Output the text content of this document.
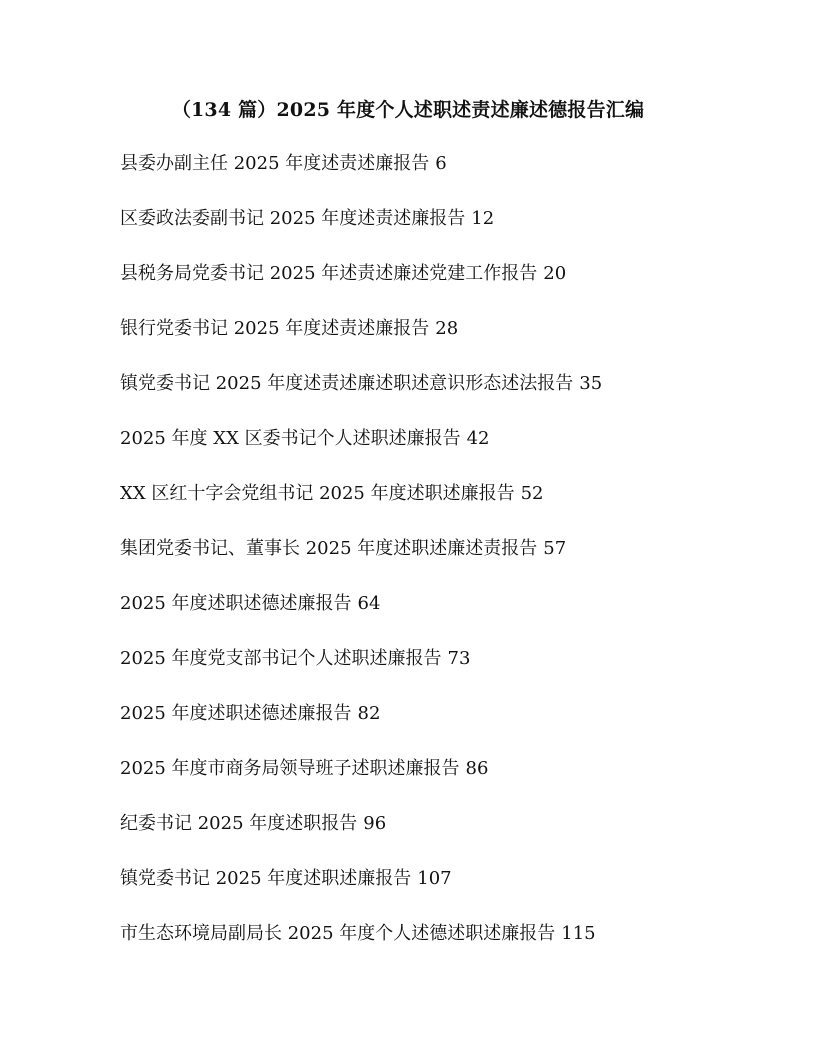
（134 篇）2025 年度个人述职述责述廉述德报告汇编
县委办副主任 2025 年度述责述廉报告 6
区委政法委副书记 2025 年度述责述廉报告 12
县税务局党委书记 2025 年述责述廉述党建工作报告 20
银行党委书记 2025 年度述责述廉报告 28
镇党委书记 2025 年度述责述廉述职述意识形态述法报告 35
2025 年度 XX 区委书记个人述职述廉报告 42
XX 区红十字会党组书记 2025 年度述职述廉报告 52
集团党委书记、董事长 2025 年度述职述廉述责报告 57
2025 年度述职述德述廉报告 64
2025 年度党支部书记个人述职述廉报告 73
2025 年度述职述德述廉报告 82
2025 年度市商务局领导班子述职述廉报告 86
纪委书记 2025 年度述职报告 96
镇党委书记 2025 年度述职述廉报告 107
市生态环境局副局长 2025 年度个人述德述职述廉报告 115
